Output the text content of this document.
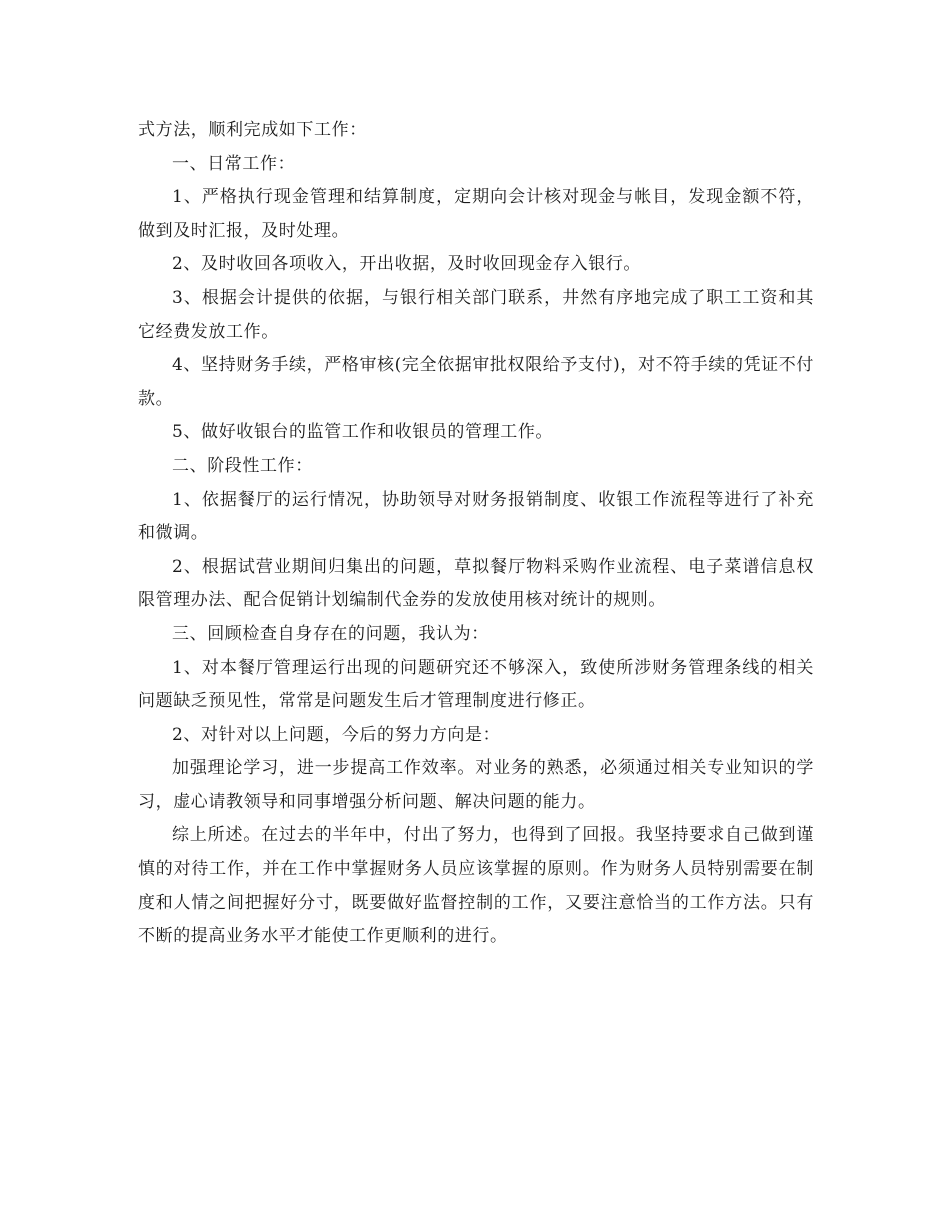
式方法，顺利完成如下工作：

一、日常工作：

1、严格执行现金管理和结算制度，定期向会计核对现金与帐目，发现金额不符，做到及时汇报，及时处理。

2、及时收回各项收入，开出收据，及时收回现金存入银行。

3、根据会计提供的依据，与银行相关部门联系，井然有序地完成了职工工资和其它经费发放工作。

4、坚持财务手续，严格审核(完全依据审批权限给予支付)，对不符手续的凭证不付款。

5、做好收银台的监管工作和收银员的管理工作。

二、阶段性工作：

1、依据餐厅的运行情况，协助领导对财务报销制度、收银工作流程等进行了补充和微调。

2、根据试营业期间归集出的问题，草拟餐厅物料采购作业流程、电子菜谱信息权限管理办法、配合促销计划编制代金券的发放使用核对统计的规则。

三、回顾检查自身存在的问题，我认为：

1、对本餐厅管理运行出现的问题研究还不够深入，致使所涉财务管理条线的相关问题缺乏预见性，常常是问题发生后才管理制度进行修正。

2、对针对以上问题，今后的努力方向是：

加强理论学习，进一步提高工作效率。对业务的熟悉，必须通过相关专业知识的学习，虚心请教领导和同事增强分析问题、解决问题的能力。

综上所述。在过去的半年中，付出了努力，也得到了回报。我坚持要求自己做到谨慎的对待工作，并在工作中掌握财务人员应该掌握的原则。作为财务人员特别需要在制度和人情之间把握好分寸，既要做好监督控制的工作，又要注意恰当的工作方法。只有不断的提高业务水平才能使工作更顺利的进行。
